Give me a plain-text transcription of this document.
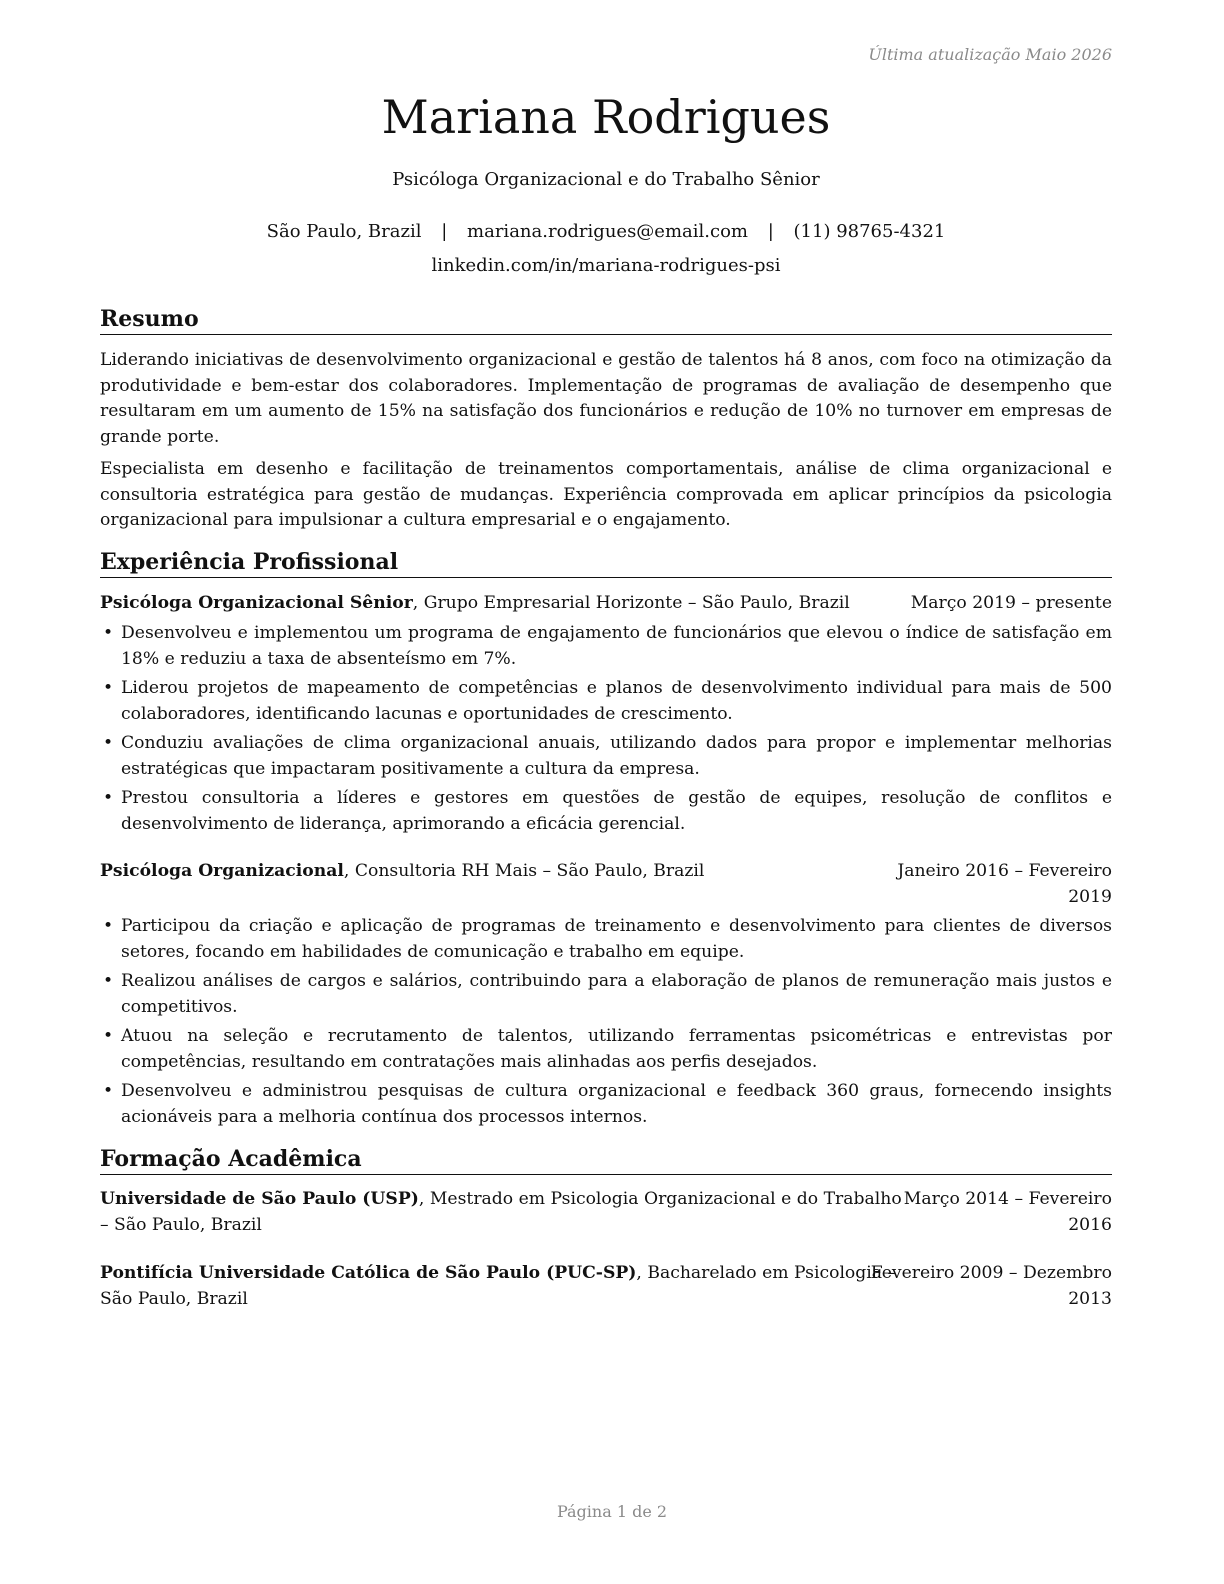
Última atualização Maio 2026
Mariana Rodrigues
Psicóloga Organizacional e do Trabalho Sênior
São Paulo, Brazil | mariana.rodrigues@email.com | (11) 98765-4321
linkedin.com/in/mariana-rodrigues-psi
Resumo
Liderando iniciativas de desenvolvimento organizacional e gestão de talentos há 8 anos, com foco na otimização da produtividade e bem-estar dos colaboradores. Implementação de programas de avaliação de desempenho que resultaram em um aumento de 15% na satisfação dos funcionários e redução de 10% no turnover em empresas de grande porte.
Especialista em desenho e facilitação de treinamentos comportamentais, análise de clima organizacional e consultoria estratégica para gestão de mudanças. Experiência comprovada em aplicar princípios da psicologia organizacional para impulsionar a cultura empresarial e o engajamento.
Experiência Profissional
Psicóloga Organizacional Sênior, Grupo Empresarial Horizonte – São Paulo, Brazil	Março 2019 – presente
• Desenvolveu e implementou um programa de engajamento de funcionários que elevou o índice de satisfação em 18% e reduziu a taxa de absenteísmo em 7%.
• Liderou projetos de mapeamento de competências e planos de desenvolvimento individual para mais de 500 colaboradores, identificando lacunas e oportunidades de crescimento.
• Conduziu avaliações de clima organizacional anuais, utilizando dados para propor e implementar melhorias estratégicas que impactaram positivamente a cultura da empresa.
• Prestou consultoria a líderes e gestores em questões de gestão de equipes, resolução de conflitos e desenvolvimento de liderança, aprimorando a eficácia gerencial.
Psicóloga Organizacional, Consultoria RH Mais – São Paulo, Brazil	Janeiro 2016 – Fevereiro
2019
• Participou da criação e aplicação de programas de treinamento e desenvolvimento para clientes de diversos setores, focando em habilidades de comunicação e trabalho em equipe.
• Realizou análises de cargos e salários, contribuindo para a elaboração de planos de remuneração mais justos e competitivos.
• Atuou na seleção e recrutamento de talentos, utilizando ferramentas psicométricas e entrevistas por competências, resultando em contratações mais alinhadas aos perfis desejados.
• Desenvolveu e administrou pesquisas de cultura organizacional e feedback 360 graus, fornecendo insights acionáveis para a melhoria contínua dos processos internos.
Formação Acadêmica
Universidade de São Paulo (USP), Mestrado em Psicologia Organizacional e do Trabalho
– São Paulo, Brazil
Março 2014 – Fevereiro
2016
Pontifícia Universidade Católica de São Paulo (PUC-SP), Bacharelado em Psicologia –
São Paulo, Brazil
Fevereiro 2009 – Dezembro
2013
Página 1 de 2
